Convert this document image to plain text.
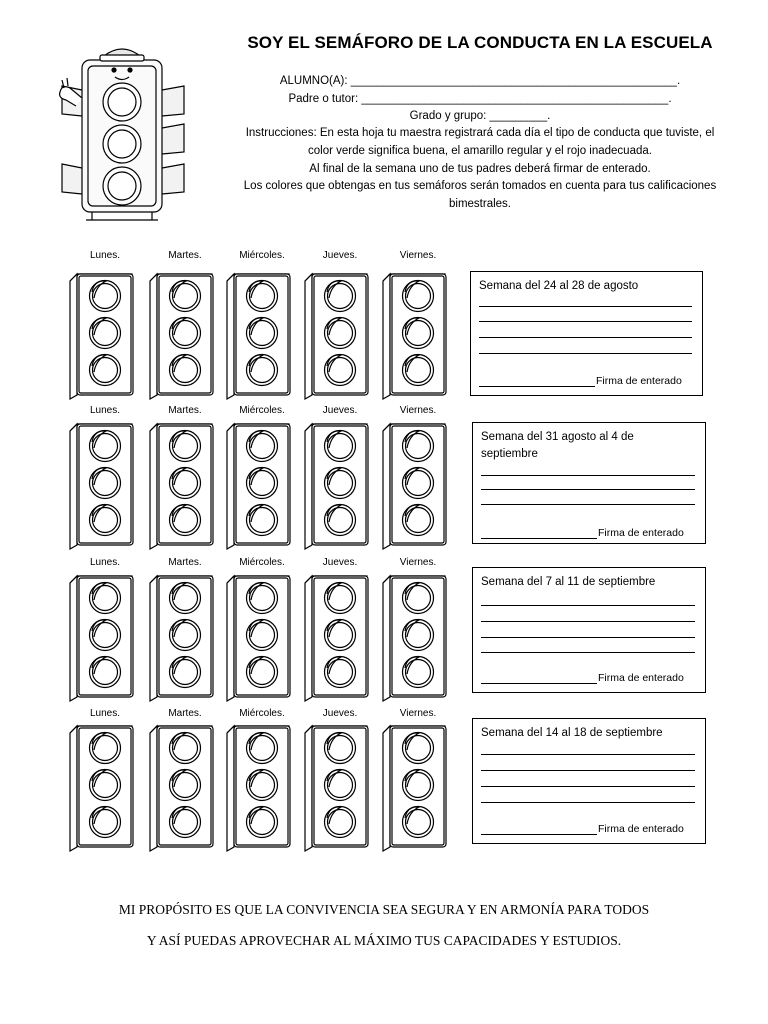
SOY EL SEMÁFORO DE LA CONDUCTA EN LA ESCUELA
ALUMNO(A): ___________________________________________________.
Padre o tutor: ________________________________________________.
Grado y grupo: _________.
Instrucciones: En esta hoja tu maestra registrará cada día el tipo de conducta que tuviste, el
color verde significa buena, el amarillo regular y el rojo inadecuada.
Al final de la semana uno de tus padres deberá firmar de enterado.
Los colores que obtengas en tus semáforos serán tomados en cuenta para tus calificaciones
bimestrales.
Lunes.	Martes.	Miércoles.	Jueves.	Viernes.
Semana del 24 al 28 de agosto
Firma de enterado
Lunes.	Martes.	Miércoles.	Jueves.	Viernes.
Semana del 31 agosto al 4 de
septiembre
Firma de enterado
Lunes.	Martes.	Miércoles.	Jueves.	Viernes.
Semana del 7 al 11 de septiembre
Firma de enterado
Lunes.	Martes.	Miércoles.	Jueves.	Viernes.
Semana del 14 al 18 de septiembre
Firma de enterado
MI PROPÓSITO ES QUE LA CONVIVENCIA SEA SEGURA Y EN ARMONÍA PARA TODOS
Y ASÍ PUEDAS APROVECHAR AL MÁXIMO TUS CAPACIDADES Y ESTUDIOS.
